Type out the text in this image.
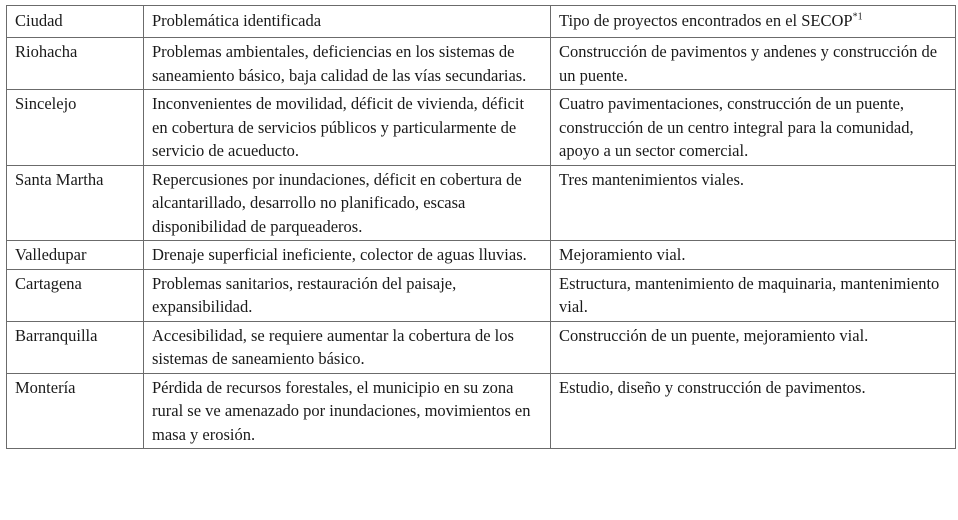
Ciudad	Problemática identificada	Tipo de proyectos encontrados en el SECOP$^{*1}$
Riohacha	Problemas ambientales, deficiencias en los sistemas de saneamiento básico, baja calidad de las vías secundarias.	Construcción de pavimentos y andenes y construcción de un puente.
Sincelejo	Inconvenientes de movilidad, déficit de vivienda, déficit en cobertura de servicios públicos y particularmente de servicio de acueducto.	Cuatro pavimentaciones, construcción de un puente, construcción de un centro integral para la comunidad, apoyo a un sector comercial.
Santa Martha	Repercusiones por inundaciones, déficit en cobertura de alcantarillado, desarrollo no planificado, escasa disponibilidad de parqueaderos.	Tres mantenimientos viales.
Valledupar	Drenaje superficial ineficiente, colector de aguas lluvias.	Mejoramiento vial.
Cartagena	Problemas sanitarios, restauración del paisaje, expansibilidad.	Estructura, mantenimiento de maquinaria, mantenimiento vial.
Barranquilla	Accesibilidad, se requiere aumentar la cobertura de los sistemas de saneamiento básico.	Construcción de un puente, mejoramiento vial.
Montería	Pérdida de recursos forestales, el municipio en su zona rural se ve amenazado por inundaciones, movimientos en masa y erosión.	Estudio, diseño y construcción de pavimentos.
